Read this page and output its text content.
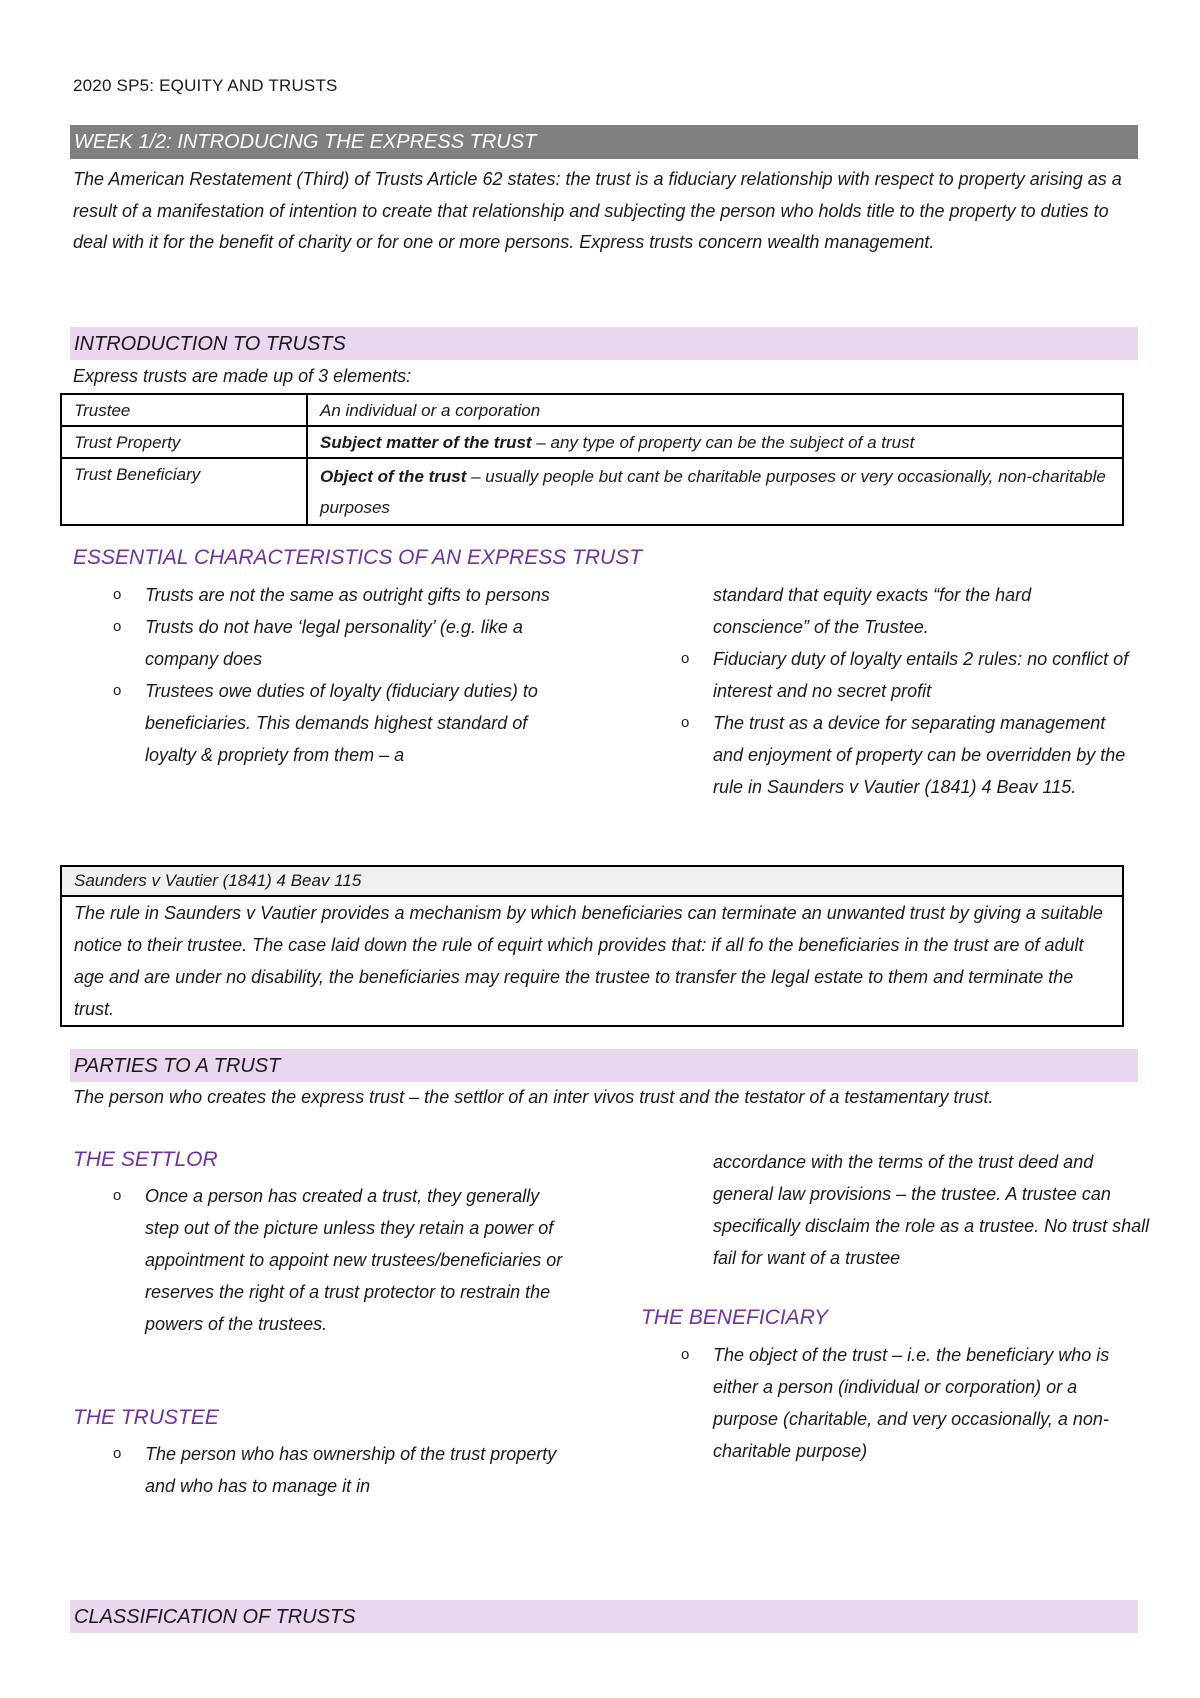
2020 SP5: EQUITY AND TRUSTS
WEEK 1/2: INTRODUCING THE EXPRESS TRUST
The American Restatement (Third) of Trusts Article 62 states: the trust is a fiduciary relationship with respect to property arising as a result of a manifestation of intention to create that relationship and subjecting the person who holds title to the property to duties to deal with it for the benefit of charity or for one or more persons. Express trusts concern wealth management.
INTRODUCTION TO TRUSTS
Express trusts are made up of 3 elements:
Trustee	An individual or a corporation
Trust Property	Subject matter of the trust – any type of property can be the subject of a trust
Trust Beneficiary	Object of the trust – usually people but cant be charitable purposes or very occasionally, non-charitable purposes
ESSENTIAL CHARACTERISTICS OF AN EXPRESS TRUST
o Trusts are not the same as outright gifts to persons
o Trusts do not have ‘legal personality’ (e.g. like a company does
o Trustees owe duties of loyalty (fiduciary duties) to beneficiaries. This demands highest standard of loyalty & propriety from them – a
standard that equity exacts “for the hard conscience” of the Trustee.
o Fiduciary duty of loyalty entails 2 rules: no conflict of interest and no secret profit
o The trust as a device for separating management and enjoyment of property can be overridden by the rule in Saunders v Vautier (1841) 4 Beav 115.
Saunders v Vautier (1841) 4 Beav 115
The rule in Saunders v Vautier provides a mechanism by which beneficiaries can terminate an unwanted trust by giving a suitable notice to their trustee. The case laid down the rule of equirt which provides that: if all fo the beneficiaries in the trust are of adult age and are under no disability, the beneficiaries may require the trustee to transfer the legal estate to them and terminate the trust.
PARTIES TO A TRUST
The person who creates the express trust – the settlor of an inter vivos trust and the testator of a testamentary trust.
THE SETTLOR
o Once a person has created a trust, they generally step out of the picture unless they retain a power of appointment to appoint new trustees/beneficiaries or reserves the right of a trust protector to restrain the powers of the trustees.
THE TRUSTEE
o The person who has ownership of the trust property and who has to manage it in
accordance with the terms of the trust deed and general law provisions – the trustee. A trustee can specifically disclaim the role as a trustee. No trust shall fail for want of a trustee
THE BENEFICIARY
o The object of the trust – i.e. the beneficiary who is either a person (individual or corporation) or a purpose (charitable, and very occasionally, a non-charitable purpose)
CLASSIFICATION OF TRUSTS
